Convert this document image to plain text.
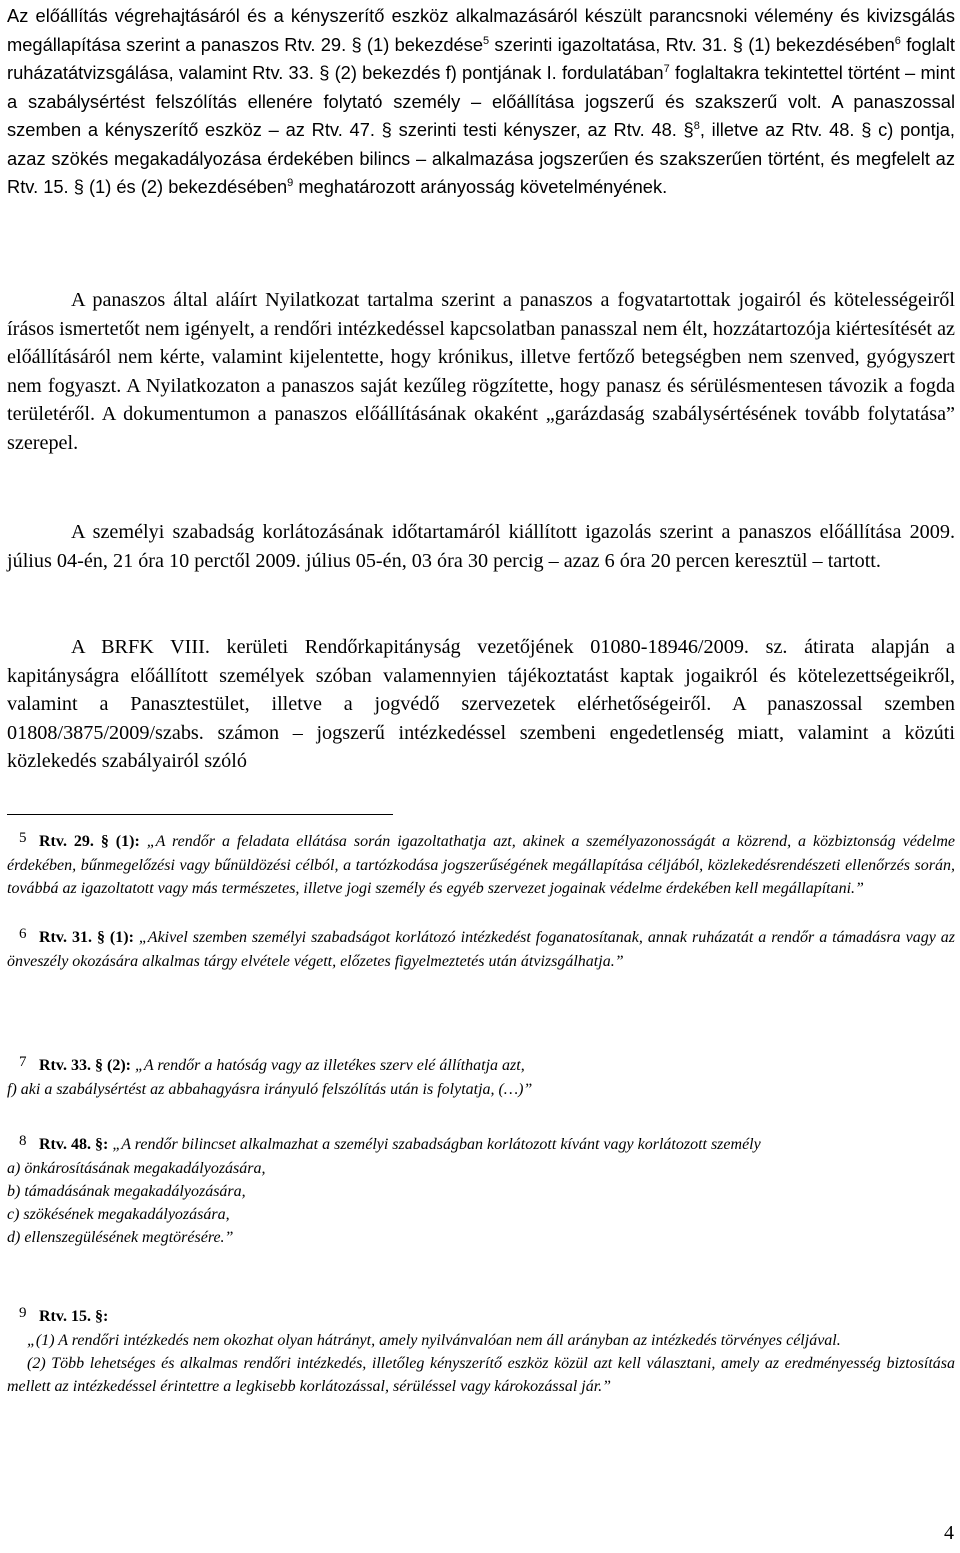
Az előállítás végrehajtásáról és a kényszerítő eszköz alkalmazásáról készült parancsnoki vélemény és kivizsgálás megállapítása szerint a panaszos Rtv. 29. § (1) bekezdése$^5$ szerinti igazoltatása, Rtv. 31. § (1) bekezdésében$^6$ foglalt ruházatátvizsgálása, valamint Rtv. 33. § (2) bekezdés f) pontjának I. fordulatában$^7$ foglaltakra tekintettel történt – mint a szabálysértést felszólítás ellenére folytató személy – előállítása jogszerű és szakszerű volt. A panaszossal szemben a kényszerítő eszköz – az Rtv. 47. § szerinti testi kényszer, az Rtv. 48. §$^8$, illetve az Rtv. 48. § c) pontja, azaz szökés megakadályozása érdekében bilincs – alkalmazása jogszerűen és szakszerűen történt, és megfelelt az Rtv. 15. § (1) és (2) bekezdésében$^9$ meghatározott arányosság követelményének.

A panaszos által aláírt Nyilatkozat tartalma szerint a panaszos a fogvatartottak jogairól és kötelességeiről írásos ismertetőt nem igényelt, a rendőri intézkedéssel kapcsolatban panasszal nem élt, hozzátartozója kiértesítését az előállításáról nem kérte, valamint kijelentette, hogy krónikus, illetve fertőző betegségben nem szenved, gyógyszert nem fogyaszt. A Nyilatkozaton a panaszos saját kezűleg rögzítette, hogy panasz és sérülésmentesen távozik a fogda területéről. A dokumentumon a panaszos előállításának okaként „garázdaság szabálysértésének tovább folytatása” szerepel.

A személyi szabadság korlátozásának időtartamáról kiállított igazolás szerint a panaszos előállítása 2009. július 04-én, 21 óra 10 perctől 2009. július 05-én, 03 óra 30 percig – azaz 6 óra 20 percen keresztül – tartott.

A BRFK VIII. kerületi Rendőrkapitányság vezetőjének 01080-18946/2009. sz. átirata alapján a kapitányságra előállított személyek szóban valamennyien tájékoztatást kaptak jogaikról és kötelezettségeikről, valamint a Panasztestület, illetve a jogvédő szervezetek elérhetőségeiről. A panaszossal szemben 01808/3875/2009/szabs. számon – jogszerű intézkedéssel szembeni engedetlenség miatt, valamint a közúti közlekedés szabályairól szóló

5 Rtv. 29. § (1): „A rendőr a feladata ellátása során igazoltathatja azt, akinek a személyazonosságát a közrend, a közbiztonság védelme érdekében, bűnmegelőzési vagy bűnüldözési célból, a tartózkodása jogszerűségének megállapítása céljából, közlekedésrendészeti ellenőrzés során, továbbá az igazoltatott vagy más természetes, illetve jogi személy és egyéb szervezet jogainak védelme érdekében kell megállapítani.”
6 Rtv. 31. § (1): „Akivel szemben személyi szabadságot korlátozó intézkedést foganatosítanak, annak ruházatát a rendőr a támadásra vagy az önveszély okozására alkalmas tárgy elvétele végett, előzetes figyelmeztetés után átvizsgálhatja.”
7 Rtv. 33. § (2): „A rendőr a hatóság vagy az illetékes szerv elé állíthatja azt,
f) aki a szabálysértést az abbahagyásra irányuló felszólítás után is folytatja, (…)”
8 Rtv. 48. §: „A rendőr bilincset alkalmazhat a személyi szabadságban korlátozott kívánt vagy korlátozott személy
a) önkárosításának megakadályozására,
b) támadásának megakadályozására,
c) szökésének megakadályozására,
d) ellenszegülésének megtörésére.”
9 Rtv. 15. §:
„(1) A rendőri intézkedés nem okozhat olyan hátrányt, amely nyilvánvalóan nem áll arányban az intézkedés törvényes céljával.
(2) Több lehetséges és alkalmas rendőri intézkedés, illetőleg kényszerítő eszköz közül azt kell választani, amely az eredményesség biztosítása mellett az intézkedéssel érintettre a legkisebb korlátozással, sérüléssel vagy károkozással jár.”
4
